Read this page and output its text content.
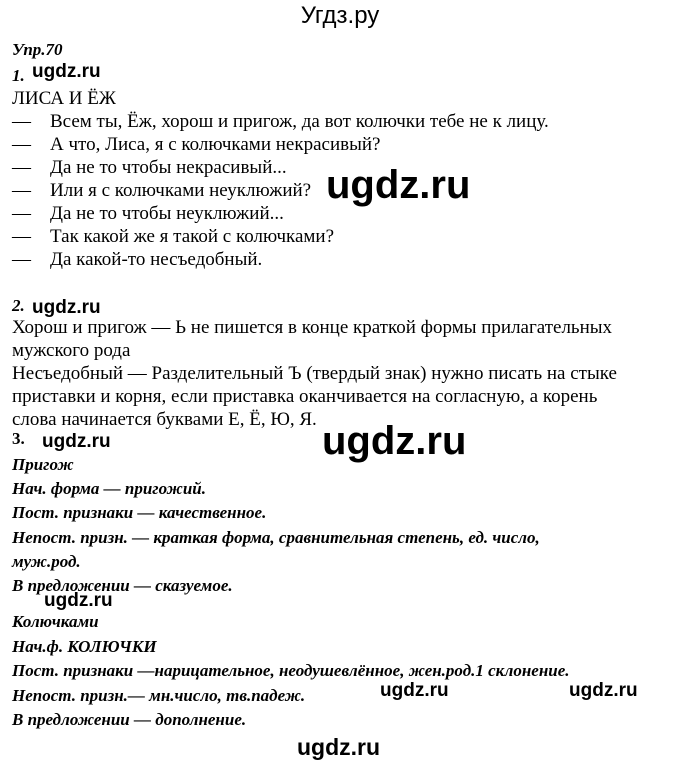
Угдз.ру
Упр.70
1. ugdz.ru
ЛИСА И ЁЖ
—	Всем ты, Ёж, хорош и пригож, да вот колючки тебе не к лицу.
—	А что, Лиса, я с колючками некрасивый?
—	Да не то чтобы некрасивый...
—	Или я с колючками неуклюжий?
—	Да не то чтобы неуклюжий...
—	Так какой же я такой с колючками?
—	Да какой-то несъедобный.
ugdz.ru
2. ugdz.ru
Хорош и пригож — Ь не пишется в конце краткой формы прилагательных
мужского рода
Несъедобный — Разделительный Ъ (твердый знак) нужно писать на стыке
приставки и корня, если приставка оканчивается на согласную, а корень
слова начинается буквами Е, Ё, Ю, Я.
3. ugdz.ru	ugdz.ru
Пригож
Нач. форма — пригожий.
Пост. признаки — качественное.
Непост. призн. — краткая форма, сравнительная степень, ед. число,
муж.род.
В предложении — сказуемое.
ugdz.ru
Колючками
Нач.ф. КОЛЮЧКИ
Пост. признаки —нарицательное, неодушевлённое, жен.род.1 склонение.
Непост. призн.— мн.число, тв.падеж.
В предложении — дополнение.
ugdz.ru	ugdz.ru
ugdz.ru
